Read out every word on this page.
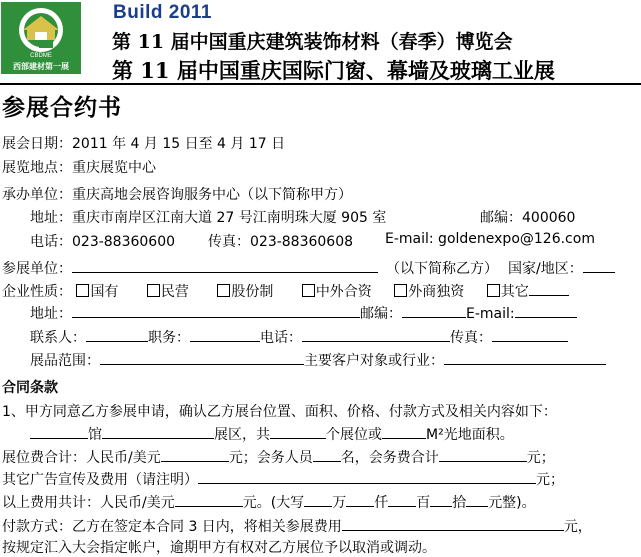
CBDME
西部建材第一展
Build 2011
第 11 届中国重庆建筑装饰材料（春季）博览会
第 11 届中国重庆国际门窗、幕墙及玻璃工业展
参展合约书
展会日期：2011 年 4 月 15 日至 4 月 17 日
展览地点：重庆展览中心
承办单位：重庆高地会展咨询服务中心（以下简称甲方）
地址：重庆市南岸区江南大道 27 号江南明珠大厦 905 室	邮编：400060
电话：023-88360600 传真：023-88360608 E-mail: goldenexpo@126.com
参展单位：	（以下简称乙方） 国家/地区：
企业性质： 国有	民营	股份制	中外合资	外商独资	其它
地址：	邮编：	E-mail:
联系人：	职务：	电话：	传真：
展品范围：	主要客户对象或行业：
合同条款
1、甲方同意乙方参展申请，确认乙方展台位置、面积、价格、付款方式及相关内容如下：
馆	展区，共	个展位或	M²光地面积。
展位费合计：人民币/美元	元；会务人员 名，会务费合计	元；
其它广告宣传及费用（请注明）	元；
以上费用共计：人民币/美元	元。(大写 万 仟 百 拾 元整)。
付款方式：乙方在签定本合同 3 日内，将相关参展费用	元，
按规定汇入大会指定帐户，逾期甲方有权对乙方展位予以取消或调动。
